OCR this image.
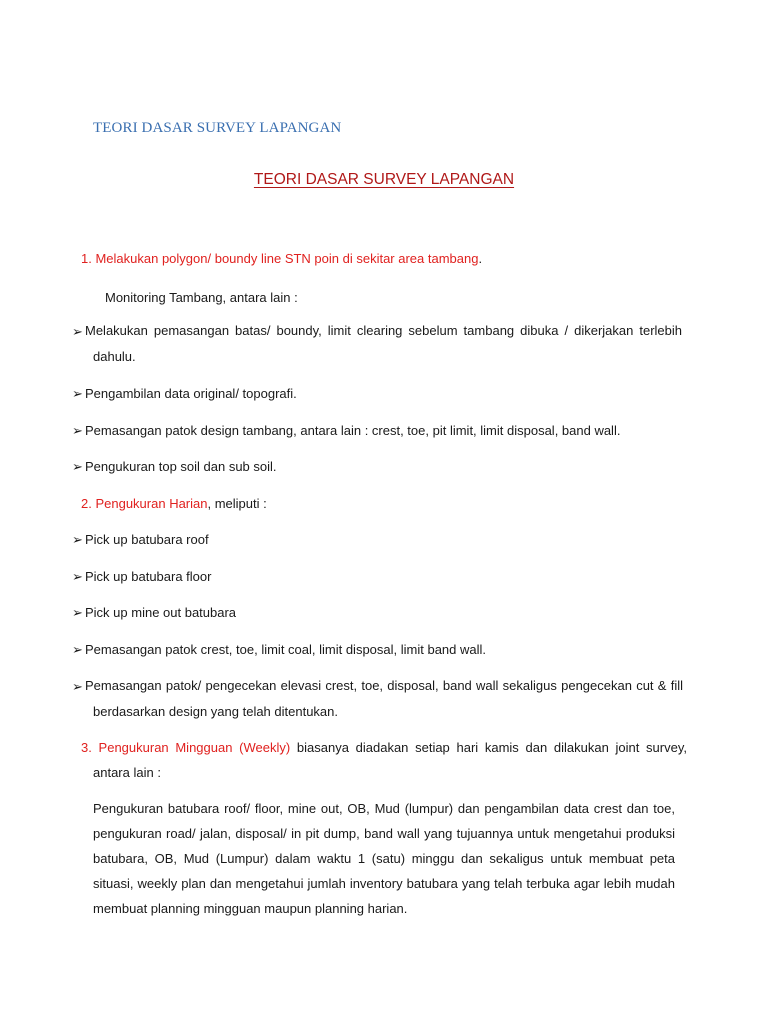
TEORI DASAR SURVEY LAPANGAN
TEORI DASAR SURVEY LAPANGAN
1. Melakukan polygon/ boundy line STN poin di sekitar area tambang.
Monitoring Tambang, antara lain :
➢ Melakukan pemasangan batas/ boundy, limit clearing sebelum tambang dibuka / dikerjakan terlebih dahulu.
➢ Pengambilan data original/ topografi.
➢ Pemasangan patok design tambang, antara lain : crest, toe, pit limit, limit disposal, band wall.
➢ Pengukuran top soil dan sub soil.
2. Pengukuran Harian, meliputi :
➢ Pick up batubara roof
➢ Pick up batubara floor
➢ Pick up mine out batubara
➢ Pemasangan patok crest, toe, limit coal, limit disposal, limit band wall.
➢ Pemasangan patok/ pengecekan elevasi crest, toe, disposal, band wall sekaligus pengecekan cut & fill berdasarkan design yang telah ditentukan.
3. Pengukuran Mingguan (Weekly) biasanya diadakan setiap hari kamis dan dilakukan joint survey, antara lain :
Pengukuran batubara roof/ floor, mine out, OB, Mud (lumpur) dan pengambilan data crest dan toe, pengukuran road/ jalan, disposal/ in pit dump, band wall yang tujuannya untuk mengetahui produksi batubara, OB, Mud (Lumpur) dalam waktu 1 (satu) minggu dan sekaligus untuk membuat peta situasi, weekly plan dan mengetahui jumlah inventory batubara yang telah terbuka agar lebih mudah membuat planning mingguan maupun planning harian.
